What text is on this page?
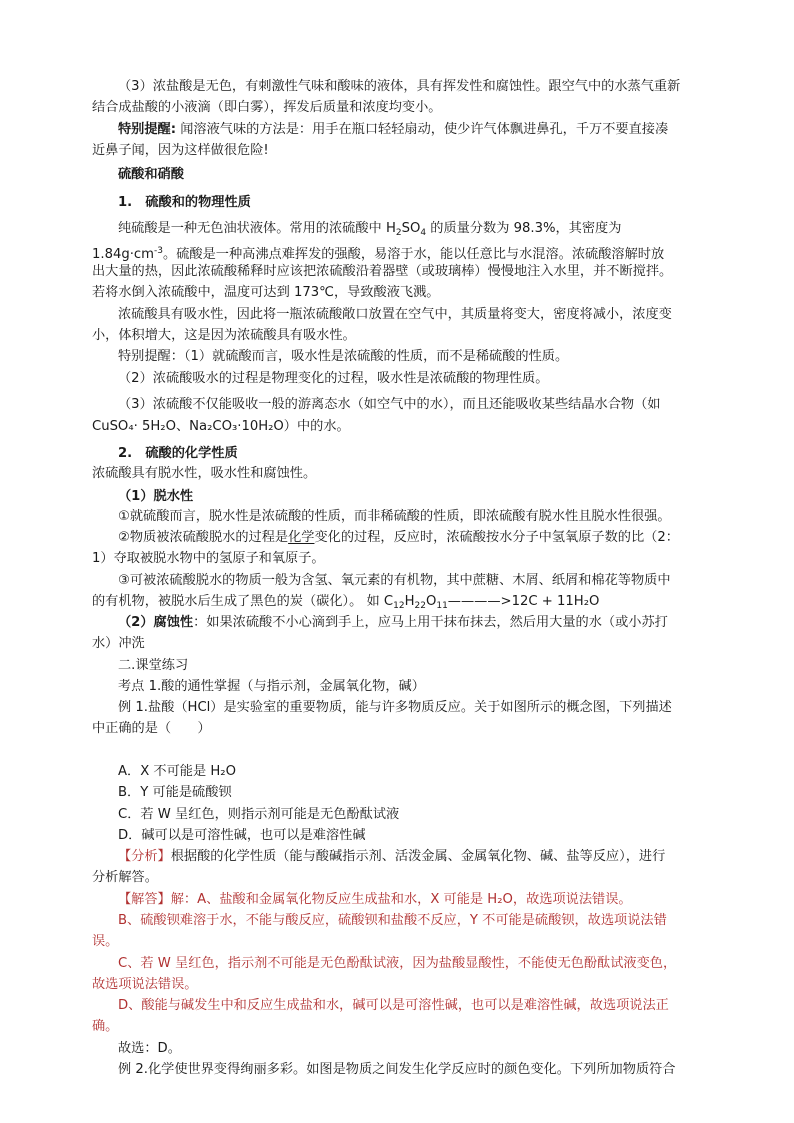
（3）浓盐酸是无色，有刺激性气味和酸味的液体，具有挥发性和腐蚀性。跟空气中的水蒸气重新
结合成盐酸的小液滴（即白雾），挥发后质量和浓度均变小。
特别提醒: 闻溶液气味的方法是：用手在瓶口轻轻扇动，使少许气体飘进鼻孔，千万不要直接凑
近鼻子闻，因为这样做很危险!
硫酸和硝酸
1.　硫酸和的物理性质
纯硫酸是一种无色油状液体。常用的浓硫酸中 $H_2SO_4$ 的质量分数为 98.3%，其密度为
$1.84g\cdot cm^{-3}$。硫酸是一种高沸点难挥发的强酸，易溶于水，能以任意比与水混溶。浓硫酸溶解时放
出大量的热，因此浓硫酸稀释时应该把浓硫酸沿着器壁（或玻璃棒）慢慢地注入水里，并不断搅拌。
若将水倒入浓硫酸中，温度可达到 173℃，导致酸液飞溅。
浓硫酸具有吸水性，因此将一瓶浓硫酸敞口放置在空气中，其质量将变大，密度将减小，浓度变
小，体积增大，这是因为浓硫酸具有吸水性。
特别提醒：（1）就硫酸而言，吸水性是浓硫酸的性质，而不是稀硫酸的性质。
（2）浓硫酸吸水的过程是物理变化的过程，吸水性是浓硫酸的物理性质。
（3）浓硫酸不仅能吸收一般的游离态水（如空气中的水），而且还能吸收某些结晶水合物（如
CuSO₄· 5H₂O、Na₂CO₃·10H₂O）中的水。
2.　硫酸的化学性质
浓硫酸具有脱水性，吸水性和腐蚀性。
（1）脱水性
①就硫酸而言，脱水性是浓硫酸的性质，而非稀硫酸的性质，即浓硫酸有脱水性且脱水性很强。
②物质被浓硫酸脱水的过程是化学变化的过程，反应时，浓硫酸按水分子中氢氧原子数的比（2：
1）夺取被脱水物中的氢原子和氧原子。
③可被浓硫酸脱水的物质一般为含氢、氧元素的有机物，其中蔗糖、木屑、纸屑和棉花等物质中
的有机物，被脱水后生成了黑色的炭（碳化）。 如 $C_{12}H_{22}O_{11}————>12C + 11H_2O$
（2）腐蚀性：如果浓硫酸不小心滴到手上，应马上用干抹布抹去，然后用大量的水（或小苏打
水）冲洗
二.课堂练习
考点 1.酸的通性掌握（与指示剂，金属氧化物，碱）
例 1.盐酸（HCl）是实验室的重要物质，能与许多物质反应。关于如图所示的概念图，下列描述
中正确的是（　　）
A．X 不可能是 H₂O
B．Y 可能是硫酸钡
C．若 W 呈红色，则指示剂可能是无色酚酞试液
D．碱可以是可溶性碱，也可以是难溶性碱
【分析】根据酸的化学性质（能与酸碱指示剂、活泼金属、金属氧化物、碱、盐等反应），进行
分析解答。
【解答】解：A、盐酸和金属氧化物反应生成盐和水，X 可能是 H₂O，故选项说法错误。
B、硫酸钡难溶于水，不能与酸反应，硫酸钡和盐酸不反应，Y 不可能是硫酸钡，故选项说法错
误。
C、若 W 呈红色，指示剂不可能是无色酚酞试液，因为盐酸显酸性，不能使无色酚酞试液变色，
故选项说法错误。
D、酸能与碱发生中和反应生成盐和水，碱可以是可溶性碱，也可以是难溶性碱，故选项说法正
确。
故选：D。
例 2.化学使世界变得绚丽多彩。如图是物质之间发生化学反应时的颜色变化。下列所加物质符合
